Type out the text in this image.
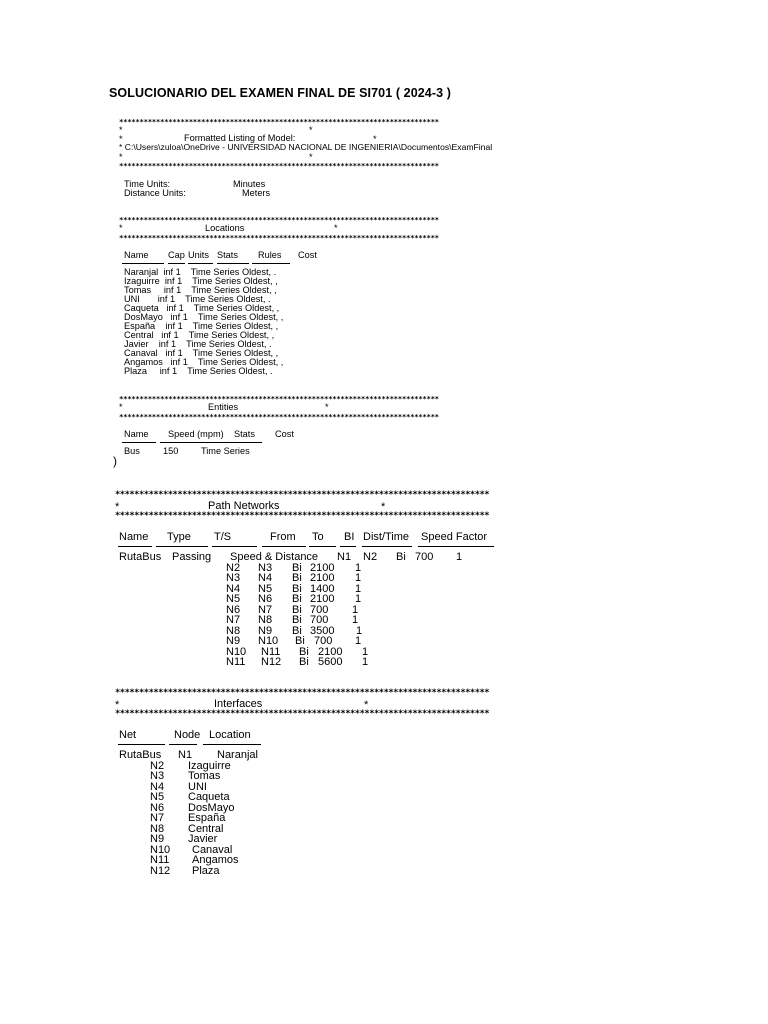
SOLUCIONARIO DEL EXAMEN FINAL DE SI701 ( 2024-3 )
******************************************************************************
*	*
*	Formatted Listing of Model:	*
* C:\Users\zuloa\OneDrive - UNIVERSIDAD NACIONAL DE INGENIERIA\Documentos\ExamFinal
*	*
******************************************************************************
Time Units:	Minutes
Distance Units:	Meters
******************************************************************************
*	Locations	*
******************************************************************************
Name Cap Units Stats Rules Cost
Naranjal  inf 1    Time Series Oldest, .
Izaguirre  inf 1    Time Series Oldest, ,
Tomas     inf 1    Time Series Oldest, ,
UNI       inf 1    Time Series Oldest, .
Caqueta   inf 1    Time Series Oldest, ,
DosMayo   inf 1    Time Series Oldest, ,
España    inf 1    Time Series Oldest, ,
Central   inf 1    Time Series Oldest, ,
Javier    inf 1    Time Series Oldest, .
Canaval   inf 1    Time Series Oldest, ,
Angamos   inf 1    Time Series Oldest, ,
Plaza     inf 1    Time Series Oldest, .
******************************************************************************
*	Entities	*
******************************************************************************
Name Speed (mpm) Stats Cost
Bus	150 Time Series
)
******************************************************************************
*	Path Networks	*
******************************************************************************
Name Type T/S	From To BI Dist/Time Speed Factor
RutaBus Passing Speed & Distance N1 N2 Bi 700 1
N2 N3 Bi 2100 1
N3 N4 Bi 2100 1
N4 N5 Bi 1400 1
N5 N6 Bi 2100 1
N6 N7 Bi 700 1
N7 N8 Bi 700 1
N8 N9 Bi 3500 1
N9 N10 Bi 700 1
N10 N11 Bi 2100 1
N11 N12 Bi 5600 1
******************************************************************************
*	Interfaces	*
******************************************************************************
Net	Node Location
RutaBus N1 Naranjal
N2 Izaguirre
N3 Tomas
N4 UNI
N5 Caqueta
N6 DosMayo
N7 España
N8 Central
N9 Javier
N10 Canaval
N11 Angamos
N12 Plaza
